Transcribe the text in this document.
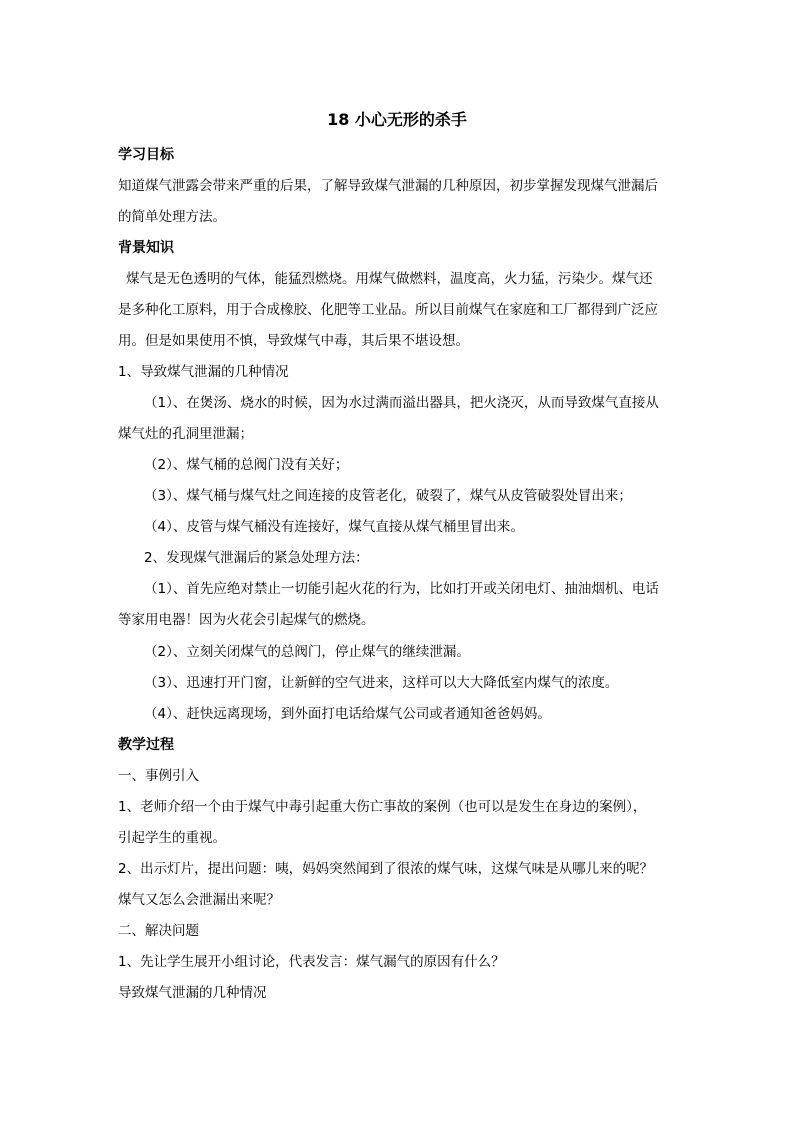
18 小心无形的杀手

学习目标

知道煤气泄露会带来严重的后果，了解导致煤气泄漏的几种原因，初步掌握发现煤气泄漏后

的简单处理方法。

背景知识

煤气是无色透明的气体，能猛烈燃烧。用煤气做燃料，温度高，火力猛，污染少。煤气还

是多种化工原料，用于合成橡胶、化肥等工业品。所以目前煤气在家庭和工厂都得到广泛应

用。但是如果使用不慎，导致煤气中毒，其后果不堪设想。

1、导致煤气泄漏的几种情况

（1）、在煲汤、烧水的时候，因为水过满而溢出器具，把火浇灭，从而导致煤气直接从

煤气灶的孔洞里泄漏；

（2）、煤气桶的总阀门没有关好；

（3）、煤气桶与煤气灶之间连接的皮管老化，破裂了，煤气从皮管破裂处冒出来；

（4）、皮管与煤气桶没有连接好，煤气直接从煤气桶里冒出来。

2、发现煤气泄漏后的紧急处理方法：

（1）、首先应绝对禁止一切能引起火花的行为，比如打开或关闭电灯、抽油烟机、电话

等家用电器！因为火花会引起煤气的燃烧。

（2）、立刻关闭煤气的总阀门，停止煤气的继续泄漏。

（3）、迅速打开门窗，让新鲜的空气进来，这样可以大大降低室内煤气的浓度。

（4）、赶快远离现场，到外面打电话给煤气公司或者通知爸爸妈妈。

教学过程

一、事例引入

1、老师介绍一个由于煤气中毒引起重大伤亡事故的案例（也可以是发生在身边的案例），

引起学生的重视。

2、出示灯片，提出问题：咦，妈妈突然闻到了很浓的煤气味，这煤气味是从哪儿来的呢？

煤气又怎么会泄漏出来呢？

二、解决问题

1、先让学生展开小组讨论，代表发言：煤气漏气的原因有什么？

导致煤气泄漏的几种情况
